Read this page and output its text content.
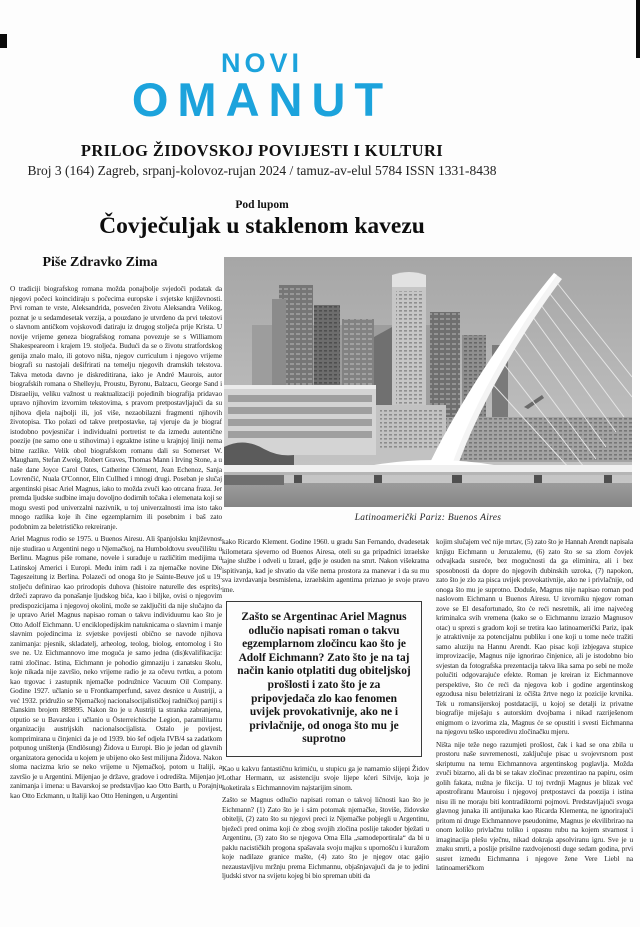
NOVI
OMANUT
PRILOG ŽIDOVSKOJ POVIJESTI I KULTURI
Broj 3 (164) Zagreb, srpanj-kolovoz-rujan 2024 / tamuz-av-elul 5784 ISSN 1331-8438
Pod lupom
Čovječuljak u staklenom kavezu
Piše Zdravko Zima
Latinoamerički Pariz: Buenos Aires

O tradiciji biografskog romana možda ponajbolje svjedoči podatak da njegovi počeci koincidiraju s počecima europske i svjetske književnosti. Prvi roman te vrste, Aleksandrida, posvećen životu Aleksandra Velikog, poznat je u sedamdesetak verzija, a pouzdano je utvrđeno da prvi tekstovi o slavnom antičkom vojskovođi datiraju iz drugog stoljeća prije Krista. U novije vrijeme geneza biografskog romana povezuje se s Williamom Shakespeareom i krajem 19. stoljeća. Budući da se o životu stratfordskog genija znalo malo, ili gotovo ništa, njegov curriculum i njegovo vrijeme biografi su nastojali dešifrirati na temelju njegovih dramskih tekstova. Takva metoda davno je diskreditirana, iako je André Maurois, autor biografskih romana o Shelleyju, Proustu, Byronu, Balzacu, George Sand i Disraeliju, veliku važnost u reaktualizaciji pojedinih biografija pridavao upravo njihovim izvornim tekstovima, s pravom pretpostavljajući da su njihova djela najbolji ili, još više, nezaobilazni fragmenti njihovih životopisa. Tko polazi od takve pretpostavke, taj vjeruje da je biograf istodobno povjesničar i individualni portretist te da između autentične poezije (ne samo one u stihovima) i egzaktne istine u krajnjoj liniji nema bitne razlike. Velik obol biografskom romanu dali su Somerset W. Maugham, Stefan Zweig, Robert Graves, Thomas Mann i Irving Stone, a u naše dane Joyce Carol Oates, Catherine Clément, Jean Echenoz, Sanja Lovrenčić, Nuala O'Connor, Elin Cullhed i mnogi drugi. Poseban je slučaj argentinski pisac Ariel Magnus, iako to možda zvuči kao otrcana fraza. Jer premda ljudske sudbine imaju dovoljno dodirnih točaka i elemenata koji se mogu svesti pod univerzalni nazivnik, u toj univerzalnosti ima isto tako mnogo razlika koje ih čine egzemplarnim ili posebnim i baš zato podobnim za beletrističko rekreiranje.

Ariel Magnus rodio se 1975. u Buenos Airesu. Ali španjolsku književnost nije studirao u Argentini nego u Njemačkoj, na Humboldtovu sveučilištu u Berlinu. Magnus piše romane, novele i surađuje u različitim medijima u Latinskoj Americi i Europi. Među inim radi i za njemačke novine Die Tageszeitung iz Berlina. Polazeći od onoga što je Sainte-Beuve još u 19. stoljeću definirao kao prirodopis duhova (histoire naturelle des esprits), držeći zapravo da ponašanje ljudskog bića, kao i biljke, ovisi o njegovim predispozicijama i njegovoj okolini, može se zaključiti da nije slučajno da je upravo Ariel Magnus napisao roman o takvu individuumu kao što je Otto Adolf Eichmann. U enciklopedijskim natuknicama o slavnim i manje slavnim pojedincima iz svjetske povijesti obično se navode njihova zanimanja: pjesnik, skladatelj, arheolog, teolog, biolog, entomolog i što sve ne. Uz Eichmannovo ime moguća je samo jedna (dis)kvalifikacija: ratni zločinac. Istina, Eichmann je pohodio gimnaziju i zanatsku školu, koje nikada nije završio, neko vrijeme radio je za očevu tvrtku, a potom kao trgovac i zastupnik njemačke podružnice Vacuum Oil Company. Godine 1927. učlanio se u Frontkamperfund, savez desnice u Austriji, a već 1932. pridružio se Njemačkoj nacionalsocijalističkoj radničkoj partiji s članskim brojem 889895. Nakon što je u Austriji ta stranka zabranjena, otputio se u Bavarsku i učlanio u Österreichische Legion, paramilitarnu organizaciju austrijskih nacionalsocijalista. Ostalo je povijest, komprimirana u činjenici da je od 1939. bio šef odjela IVB/4 sa zadatkom potpunog uništenja (Endlösung) Židova u Europi. Bio je jedan od glavnih organizatora genocida u kojem je ubijeno oko šest milijuna Židova. Nakon sloma nacizma krio se neko vrijeme u Njemačkoj, potom u Italiji, a završio je u Argentini. Mijenjao je države, gradove i odredišta. Mijenjao je zanimanja i imena: u Bavarskoj se predstavljao kao Otto Barth, u Porajnju kao Otto Eckmann, u Italiji kao Otto Heningen, u Argentini

kako Ricardo Klement. Godine 1960. u gradu San Fernando, dvadesetak kilometara sjeverno od Buenos Airesa, oteli su ga pripadnici izraelske tajne službe i odveli u Izrael, gdje je osuđen na smrt. Nakon višekratna ispitivanja, kad je shvatio da više nema prostora za manevar i da su mu sva izvrdavanja besmislena, izraelskim agentima priznao je svoje pravo ime.

Zašto se Argentinac Ariel Magnus odlučio napisati roman o takvu egzemplarnom zločincu kao što je Adolf Eichmann? Zato što je na taj način kanio otplatiti dug obiteljskoj prošlosti i zato što je za pripovjedača zlo kao fenomen uvijek provokativnije, ako ne i privlačnije, od onoga što mu je suprotno

Kao u kakvu fantastičnu krimiću, u stupicu ga je namamio slijepi Židov Lothar Hermann, uz asistenciju svoje lijepe kćeri Silvije, koja je koketirala s Eichmannovim najstarijim sinom.

Zašto se Magnus odlučio napisati roman o takvoj ličnosti kao što je Eichmann? (1) Zato što je i sám potomak njemačke, štoviše, židovske obitelji, (2) zato što su njegovi preci iz Njemačke pobjegli u Argentinu, bježeći pred onima koji će zbog svojih zločina poslije također bježati u Argentinu, (3) zato što se njegova Oma Ella „samodeportirala“ da bi u paklu nacističkih progona spašavala svoju majku s upornošću i kuražom koje nadilaze granice mašte, (4) zato što je njegov otac gajio nezaustavljivu mržnju prema Eichmannu, objašnjavajući da je to jedini ljudski stvor na svijetu kojeg bi bio spreman ubiti da

kojim slučajem već nije mrtav, (5) zato što je Hannah Arendt napisala knjigu Eichmann u Jeruzalemu, (6) zato što se sa zlom čovjek odvajkada susreće, bez mogućnosti da ga eliminira, ali i bez sposobnosti da dopre do njegovih dubinskih uzroka, (7) napokon, zato što je zlo za pisca uvijek provokativnije, ako ne i privlačnije, od onoga što mu je suprotno. Doduše, Magnus nije napisao roman pod naslovom Eichmann u Buenos Airesu. U izvorniku njegov roman zove se El desafortunado, što će reći nesretnik, ali ime najvećeg kriminalca svih vremena (kako se o Eichmannu izrazio Magnusov otac) u sprezi s gradom koji se tretira kao latinoamerički Pariz, ipak je atraktivnije za potencijalnu publiku i one koji u tome neće tražiti samo aluziju na Hannu Arendt. Kao pisac koji izbjegava stupice improvizacije, Magnus nije ignorirao činjenice, ali je istodobno bio svjestan da fotografska prezentacija takva lika sama po sebi ne može polučiti odgovarajuće efekte. Roman je kreiran iz Eichmannove perspektive, što će reći da njegova kob i godine argentinskog egzodusa nisu beletrizirani iz očišta žrtve nego iz pozicije krvnika. Tek u romansijerskoj postdataciji, u kojoj se detalji iz privatne biografije miješaju s autorskim dvojbama i nikad razriješenom enigmom o izvorima zla, Magnus će se opustiti i svesti Eichmanna na njegovu teško usporedivu zločinačku mjeru.

Ništa nije teže nego razumjeti prošlost, čak i kad se ona zbila u prostoru naše suvremenosti, zaključuje pisac u svojevrsnom post skriptumu na temu Eichmannova argentinskog poglavlja. Možda zvuči bizarno, ali da bi se takav zločinac prezentirao na papiru, osim golih fakata, nužna je fikcija. U toj tvrdnji Magnus je blizak već apostrofiranu Mauroisu i njegovoj pretpostavci da poezija i istina nisu ili ne moraju biti kontradiktorni pojmovi. Predstavljajući svoga glavnog junaka ili antijunaka kao Ricarda Klementa, ne ignorirajući pritom ni druge Eichmannove pseudonime, Magnus je ekvilibrirao na onom koliko privlačnu toliko i opasnu rubu na kojem stvarnost i imaginacija plešu vječnu, nikad dokraja apsolviranu igru. Sve je u znaku smrti, a poslije prisilne razdvojenosti duge sedam godina, prvi susret između Eichmanna i njegove žene Vere Liebl na latinoameričkom
